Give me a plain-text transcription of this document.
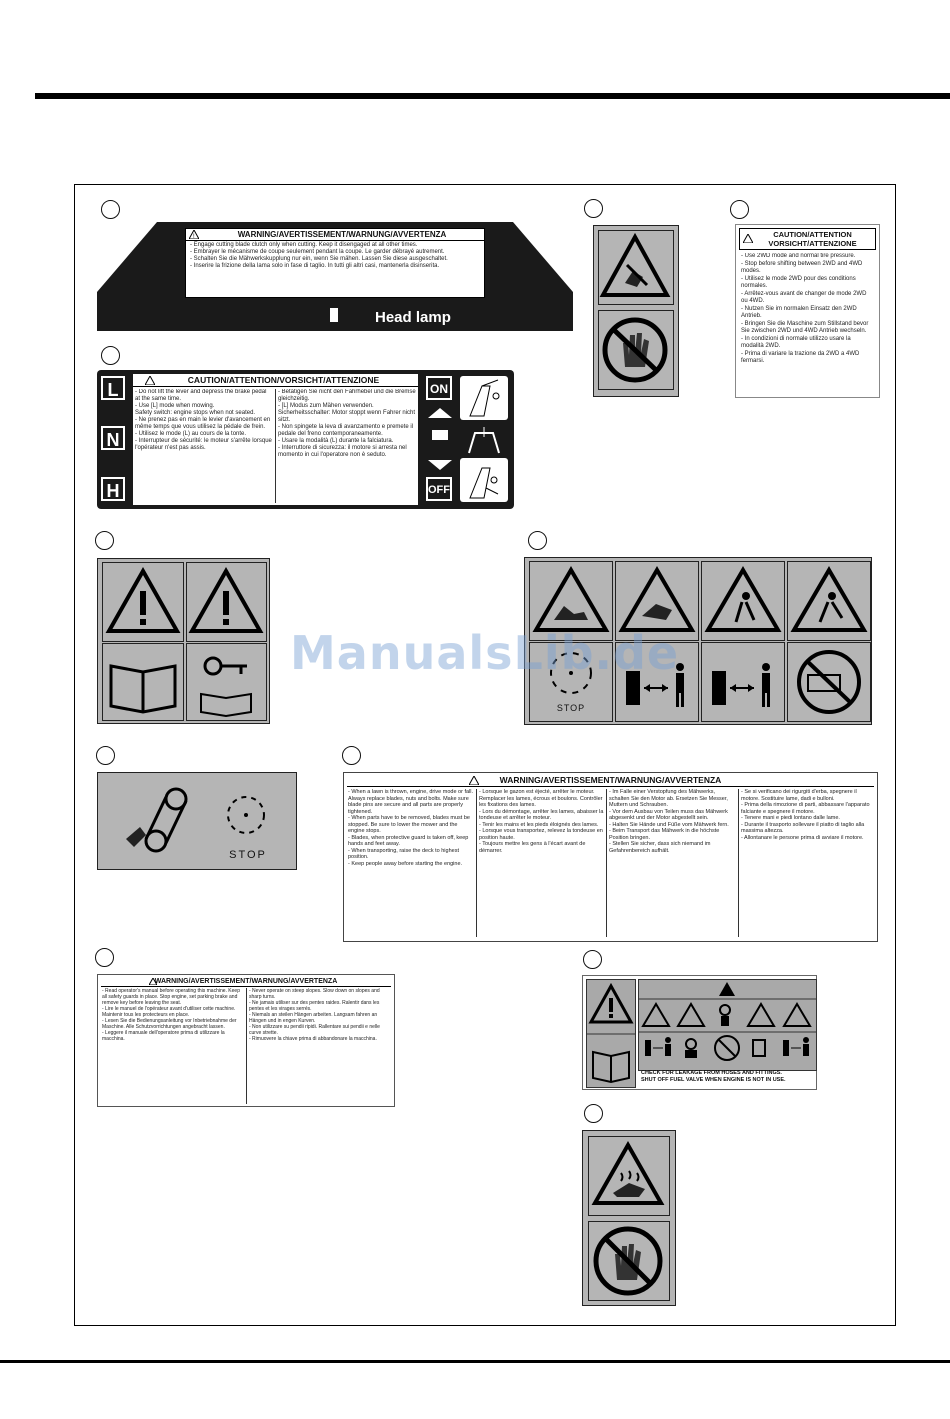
!	WARNING/AVERTISSEMENT/WARNUNG/AVVERTENZA
- Engage cutting blade clutch only when cutting. Keep it disengaged at all other times.
- Embrayer le mécanisme de coupe seulement pendant la coupe. Le garder débrayé autrement.
- Schalten Sie die Mähwerkskupplung nur ein, wenn Sie mähen. Lassen Sie diese ausgeschaltet.
- Inserire la frizione della lama solo in fase di taglio. In tutti gli altri casi, mantenerla disinserita.
Head lamp
L
N
H
CAUTION/ATTENTION/VORSICHT/ATTENZIONE
- Do not lift the lever and depress the brake pedal at the same time.
- Use [L] mode when mowing.
Safety switch: engine stops when not seated.
- Ne prenez pas en main le levier d'avancement en même temps que vous utilisez la pédale de frein.
- Utilisez le mode (L) au cours de la tonte.
- Interrupteur de sécurité: le moteur s'arrête lorsque l'opérateur n'est pas assis.
- Betätigen Sie nicht den Fahrhebel und die Bremse gleichzeitig.
- [L] Modus zum Mähen verwenden.
Sicherheitsschalter: Motor stoppt wenn Fahrer nicht sitzt.
- Non spingete la leva di avanzamento e premete il pedale del freno contemporaneamente.
- Usare la modalità (L) durante la falciatura.
- Interruttore di sicurezza: il motore si arresta nel momento in cui l'operatore non è seduto.
ON
OFF
CAUTION/ATTENTION
VORSICHT/ATTENZIONE
- Use 2WD mode and normal tire pressure.
- Stop before shifting between 2WD and 4WD modes.
- Utilisez le mode 2WD pour des conditions normales.
- Arrêtez-vous avant de changer de mode 2WD ou 4WD.
- Nutzen Sie im normalen Einsatz den 2WD Antrieb.
- Bringen Sie die Maschine zum Stillstand bevor Sie zwischen 2WD und 4WD Antrieb wechseln.
- In condizioni di normale utilizzo usare la modalità 2WD.
- Prima di variare la trazione da 2WD a 4WD fermarsi.
STOP
ManualsLib.de
STOP
WARNING/AVERTISSEMENT/WARNUNG/AVVERTENZA
- When a lawn is thrown, engine, drive mode or fall. Always replace blades, nuts and bolts. Make sure blade pins are secure and all parts are properly tightened.
- When parts have to be removed, blades must be stopped. Be sure to lower the mower and the engine stops.
- Blades, when protective guard is taken off, keep hands and feet away.
- When transporting, raise the deck to highest position.
- Keep people away before starting the engine.
- Lorsque le gazon est éjecté, arrêter le moteur. Remplacer les lames, écrous et boulons. Contrôler les fixations des lames.
- Lors du démontage, arrêter les lames, abaisser la tondeuse et arrêter le moteur.
- Tenir les mains et les pieds éloignés des lames.
- Lorsque vous transportez, relevez la tondeuse en position haute.
- Toujours mettre les gens à l'écart avant de démarrer.
- Im Falle einer Verstopfung des Mähwerks, schalten Sie den Motor ab. Ersetzen Sie Messer, Muttern und Schrauben.
- Vor dem Ausbau von Teilen muss das Mähwerk abgesenkt und der Motor abgestellt sein.
- Halten Sie Hände und Füße vom Mähwerk fern.
- Beim Transport das Mähwerk in die höchste Position bringen.
- Stellen Sie sicher, dass sich niemand im Gefahrenbereich aufhält.
- Se si verificano dei rigurgiti d'erba, spegnere il motore. Sostituire lame, dadi e bulloni.
- Prima della rimozione di parti, abbassare l'apparato falciante e spegnere il motore.
- Tenere mani e piedi lontano dalle lame.
- Durante il trasporto sollevare il piatto di taglio alla massima altezza.
- Allontanare le persone prima di avviare il motore.
WARNING/AVERTISSEMENT/WARNUNG/AVVERTENZA
- Read operator's manual before operating this machine. Keep all safety guards in place. Stop engine, set parking brake and remove key before leaving the seat.
- Lire le manuel de l'opérateur avant d'utiliser cette machine. Maintenir tous les protecteurs en place.
- Lesen Sie die Bedienungsanleitung vor Inbetriebnahme der Maschine. Alle Schutzvorrichtungen angebracht lassen.
- Leggere il manuale dell'operatore prima di utilizzare la macchina.
- Never operate on steep slopes. Slow down on slopes and sharp turns.
- Ne jamais utiliser sur des pentes raides. Ralentir dans les pentes et les virages serrés.
- Niemals an steilen Hängen arbeiten. Langsam fahren an Hängen und in engen Kurven.
- Non utilizzare su pendii ripidi. Rallentare sui pendii e nelle curve strette.
- Rimuovere la chiave prima di abbandonare la macchina.
CHECK FOR LEAKAGE FROM HOSES AND FITTINGS.
SHUT OFF FUEL VALVE WHEN ENGINE IS NOT IN USE.
